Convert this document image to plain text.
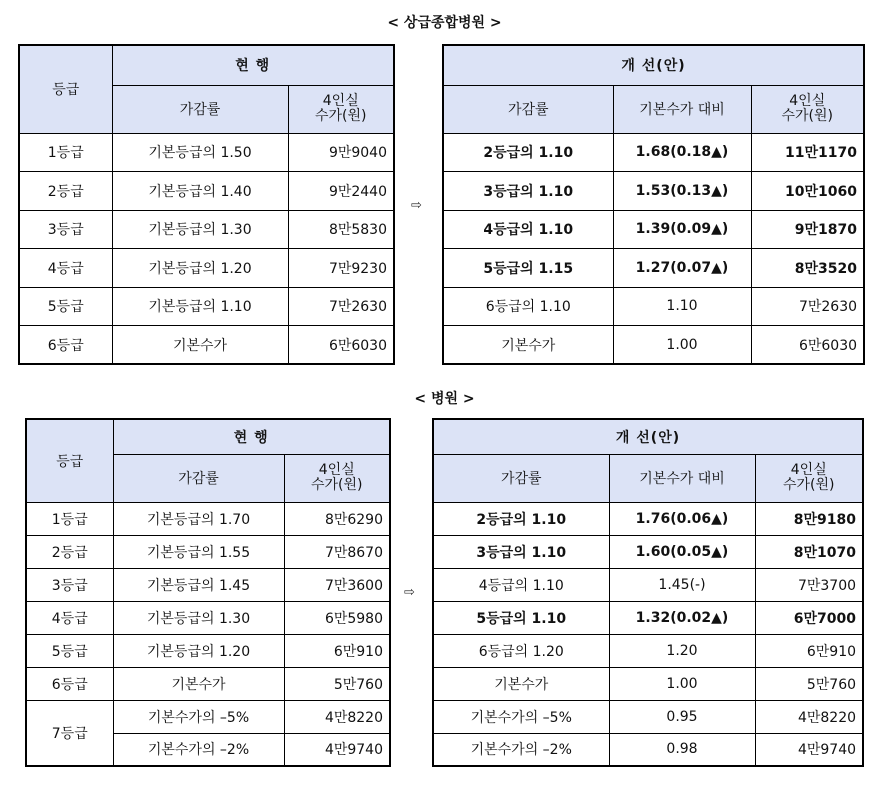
< 상급종합병원 >
등급	현 행	
	가감률	4인실
수가(원)
1등급	기본등급의 1.50	9만9040
2등급	기본등급의 1.40	9만2440
3등급	기본등급의 1.30	8만5830
4등급	기본등급의 1.20	7만9230
5등급	기본등급의 1.10	7만2630
6등급	기본수가	6만6030
⇨
개 선(안)		
가감률	기본수가 대비	4인실
수가(원)
2등급의 1.10	1.68(0.18▲)	11만1170
3등급의 1.10	1.53(0.13▲)	10만1060
4등급의 1.10	1.39(0.09▲)	9만1870
5등급의 1.15	1.27(0.07▲)	8만3520
6등급의 1.10	1.10	7만2630
기본수가	1.00	6만6030
< 병원 >
등급	현 행	
	가감률	4인실
수가(원)
1등급	기본등급의 1.70	8만6290
2등급	기본등급의 1.55	7만8670
3등급	기본등급의 1.45	7만3600
4등급	기본등급의 1.30	6만5980
5등급	기본등급의 1.20	6만910
6등급	기본수가	5만760
7등급	기본수가의 –5%	4만8220
	기본수가의 –2%	4만9740
⇨
개 선(안)		
가감률	기본수가 대비	4인실
수가(원)
2등급의 1.10	1.76(0.06▲)	8만9180
3등급의 1.10	1.60(0.05▲)	8만1070
4등급의 1.10	1.45(-)	7만3700
5등급의 1.10	1.32(0.02▲)	6만7000
6등급의 1.20	1.20	6만910
기본수가	1.00	5만760
기본수가의 –5%	0.95	4만8220
기본수가의 –2%	0.98	4만9740
